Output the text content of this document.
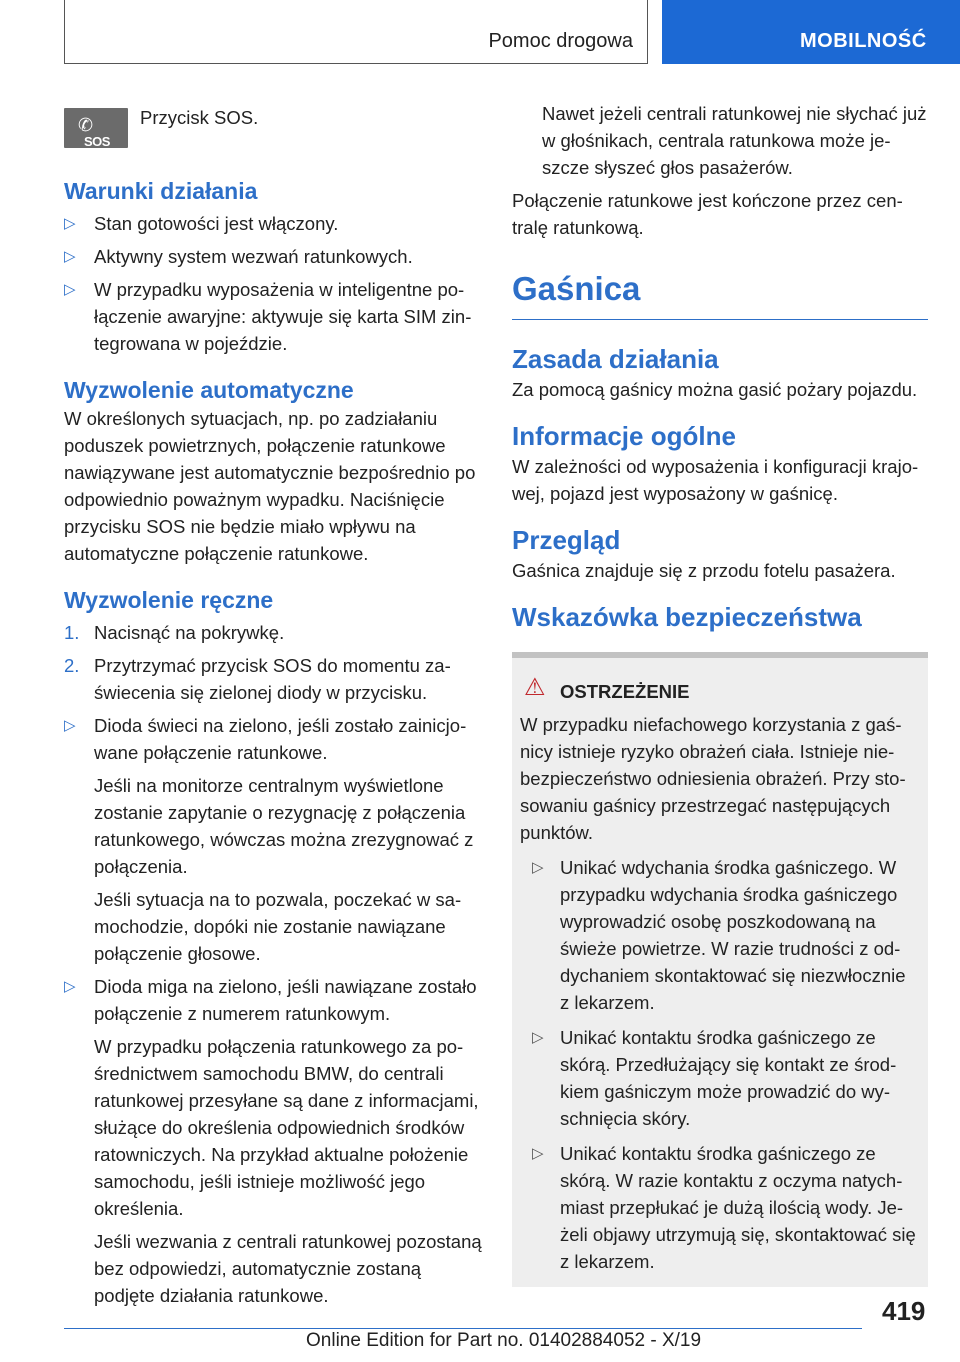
Pomoc drogowa	MOBILNOŚĆ
✆
SOS
Przycisk SOS.
Warunki działania
▷ Stan gotowości jest włączony.
▷ Aktywny system wezwań ratunkowych.
▷ W przypadku wyposażenia w inteligentne połączenie awaryjne: aktywuje się karta SIM zintegrowana w pojeździe.
Wyzwolenie automatyczne
W określonych sytuacjach, np. po zadziałaniu poduszek powietrznych, połączenie ratunkowe nawiązywane jest automatycznie bezpośrednio po odpowiednio poważnym wypadku. Naciśnięcie przycisku SOS nie będzie miało wpływu na automatyczne połączenie ratunkowe.
Wyzwolenie ręczne
1. Nacisnąć na pokrywkę.
2. Przytrzymać przycisk SOS do momentu zaświecenia się zielonej diody w przycisku.
▷ Dioda świeci na zielono, jeśli zostało zainicjowane połączenie ratunkowe.
Jeśli na monitorze centralnym wyświetlone zostanie zapytanie o rezygnację z połączenia ratunkowego, wówczas można zrezygnować z połączenia.
Jeśli sytuacja na to pozwala, poczekać w samochodzie, dopóki nie zostanie nawiązane połączenie głosowe.
▷ Dioda miga na zielono, jeśli nawiązane zostało połączenie z numerem ratunkowym.
W przypadku połączenia ratunkowego za pośrednictwem samochodu BMW, do centrali ratunkowej przesyłane są dane z informacjami, służące do określenia odpowiednich środków ratowniczych. Na przykład aktualne położenie samochodu, jeśli istnieje możliwość jego określenia.
Jeśli wezwania z centrali ratunkowej pozostaną bez odpowiedzi, automatycznie zostaną podjęte działania ratunkowe.
Nawet jeżeli centrali ratunkowej nie słychać już w głośnikach, centrala ratunkowa może jeszcze słyszeć głos pasażerów.
Połączenie ratunkowe jest kończone przez centralę ratunkową.
Gaśnica
Zasada działania
Za pomocą gaśnicy można gasić pożary pojazdu.
Informacje ogólne
W zależności od wyposażenia i konfiguracji krajowej, pojazd jest wyposażony w gaśnicę.
Przegląd
Gaśnica znajduje się z przodu fotelu pasażera.
Wskazówka bezpieczeństwa
⚠ OSTRZEŻENIE
W przypadku niefachowego korzystania z gaśnicy istnieje ryzyko obrażeń ciała. Istnieje niebezpieczeństwo odniesienia obrażeń. Przy stosowaniu gaśnicy przestrzegać następujących punktów.
▷ Unikać wdychania środka gaśniczego. W przypadku wdychania środka gaśniczego wyprowadzić osobę poszkodowaną na świeże powietrze. W razie trudności z oddychaniem skontaktować się niezwłocznie z lekarzem.
▷ Unikać kontaktu środka gaśniczego ze skórą. Przedłużający się kontakt ze środkiem gaśniczym może prowadzić do wyschnięcia skóry.
▷ Unikać kontaktu środka gaśniczego ze skórą. W razie kontaktu z oczyma natychmiast przepłukać je dużą ilością wody. Jeżeli objawy utrzymują się, skontaktować się z lekarzem.
419
Online Edition for Part no. 01402884052 - X/19
